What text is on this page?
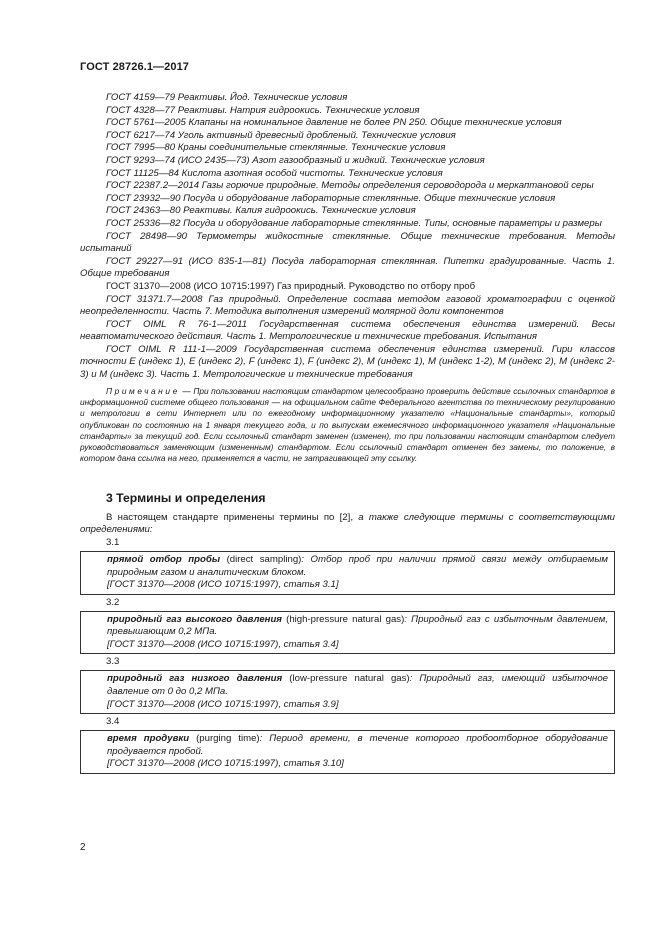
ГОСТ 28726.1—2017
ГОСТ 4159—79 Реактивы. Йод. Технические условия
ГОСТ 4328—77 Реактивы. Натрия гидроокись. Технические условия
ГОСТ 5761—2005 Клапаны на номинальное давление не более PN 250. Общие технические условия
ГОСТ 6217—74 Уголь активный древесный дробленый. Технические условия
ГОСТ 7995—80 Краны соединительные стеклянные. Технические условия
ГОСТ 9293—74 (ИСО 2435—73) Азот газообразный и жидкий. Технические условия
ГОСТ 11125—84 Кислота азотная особой чистоты. Технические условия
ГОСТ 22387.2—2014 Газы горючие природные. Методы определения сероводорода и меркаптановой серы
ГОСТ 23932—90 Посуда и оборудование лабораторные стеклянные. Общие технические условия
ГОСТ 24363—80 Реактивы. Калия гидроокись. Технические условия
ГОСТ 25336—82 Посуда и оборудование лабораторные стеклянные. Типы, основные параметры и размеры
ГОСТ 28498—90 Термометры жидкостные стеклянные. Общие технические требования. Методы испытаний
ГОСТ 29227—91 (ИСО 835-1—81) Посуда лабораторная стеклянная. Пипетки градуированные. Часть 1. Общие требования
ГОСТ 31370—2008 (ИСО 10715:1997) Газ природный. Руководство по отбору проб
ГОСТ 31371.7—2008 Газ природный. Определение состава методом газовой хроматографии с оценкой неопределенности. Часть 7. Методика выполнения измерений молярной доли компонентов
ГОСТ OIML R 76-1—2011 Государственная система обеспечения единства измерений. Весы неавтоматического действия. Часть 1. Метрологические и технические требования. Испытания
ГОСТ OIML R 111-1—2009 Государственная система обеспечения единства измерений. Гири классов точности E (индекс 1), E (индекс 2), F (индекс 1), F (индекс 2), M (индекс 1), M (индекс 1-2), M (индекс 2), M (индекс 2-3) и M (индекс 3). Часть 1. Метрологические и технические требования
Примечание — При пользовании настоящим стандартом целесообразно проверить действие ссылочных стандартов в информационной системе общего пользования — на официальном сайте Федерального агентства по техническому регулированию и метрологии в сети Интернет или по ежегодному информационному указателю «Национальные стандарты», который опубликован по состоянию на 1 января текущего года, и по выпускам ежемесячного информационного указателя «Национальные стандарты» за текущий год. Если ссылочный стандарт заменен (изменен), то при пользовании настоящим стандартом следует руководствоваться заменяющим (измененным) стандартом. Если ссылочный стандарт отменен без замены, то положение, в котором дана ссылка на него, применяется в части, не затрагивающей эту ссылку.
3 Термины и определения
В настоящем стандарте применены термины по [2], а также следующие термины с соответствующими определениями:
3.1
прямой отбор пробы (direct sampling): Отбор проб при наличии прямой связи между отбираемым природным газом и аналитическим блоком.
[ГОСТ 31370—2008 (ИСО 10715:1997), статья 3.1]
3.2
природный газ высокого давления (high-pressure natural gas): Природный газ с избыточным давлением, превышающим 0,2 МПа.
[ГОСТ 31370—2008 (ИСО 10715:1997), статья 3.4]
3.3
природный газ низкого давления (low-pressure natural gas): Природный газ, имеющий избыточное давление от 0 до 0,2 МПа.
[ГОСТ 31370—2008 (ИСО 10715:1997), статья 3.9]
3.4
время продувки (purging time): Период времени, в течение которого пробоотборное оборудование продувается пробой.
[ГОСТ 31370—2008 (ИСО 10715:1997), статья 3.10]
2
